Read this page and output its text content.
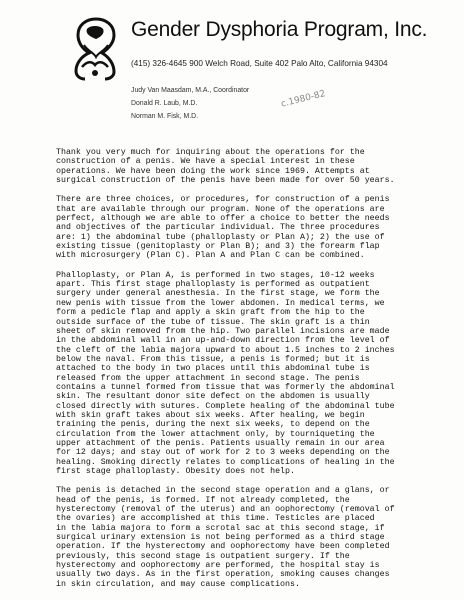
Gender Dysphoria Program, Inc.
(415) 326-4645 900 Welch Road, Suite 402 Palo Alto, California 94304
Judy Van Maasdam, M.A., Coordinator
Donald R. Laub, M.D.
Norman M. Fisk, M.D.
c.1980-82
Thank you very much for inquiring about the operations for the
construction of a penis. We have a special interest in these
operations. We have been doing the work since 1969. Attempts at
surgical construction of the penis have been made for over 50 years.
There are three choices, or procedures, for construction of a penis
that are available through our program. None of the operations are
perfect, although we are able to offer a choice to better the needs
and objectives of the particular individual. The three procedures
are: 1) the abdominal tube (phalloplasty or Plan A); 2) the use of
existing tissue (genitoplasty or Plan B); and 3) the forearm flap
with microsurgery (Plan C). Plan A and Plan C can be combined.
Phalloplasty, or Plan A, is performed in two stages, 10-12 weeks
apart. This first stage phalloplasty is performed as outpatient
surgery under general anesthesia. In the first stage, we form the
new penis with tissue from the lower abdomen. In medical terms, we
form a pedicle flap and apply a skin graft from the hip to the
outside surface of the tube of tissue. The skin graft is a thin
sheet of skin removed from the hip. Two parallel incisions are made
in the abdominal wall in an up-and-down direction from the level of
the cleft of the labia majora upward to about 1.5 inches to 2 inches
below the naval. From this tissue, a penis is formed; but it is
attached to the body in two places until this abdominal tube is
released from the upper attachment in second stage. The penis
contains a tunnel formed from tissue that was formerly the abdominal
skin. The resultant donor site defect on the abdomen is usually
closed directly with sutures. Complete healing of the abdominal tube
with skin graft takes about six weeks. After healing, we begin
training the penis, during the next six weeks, to depend on the
circulation from the lower attachment only, by tourniqueting the
upper attachment of the penis. Patients usually remain in our area
for 12 days; and stay out of work for 2 to 3 weeks depending on the
healing. Smoking directly relates to complications of healing in the
first stage phalloplasty. Obesity does not help.
The penis is detached in the second stage operation and a glans, or
head of the penis, is formed. If not already completed, the
hysterectomy (removal of the uterus) and an oophorectomy (removal of
the ovaries) are accomplished at this time. Testicles are placed
in the labia majora to form a scrotal sac at this second stage, if
surgical urinary extension is not being performed as a third stage
operation. If the hysterectomy and oophorectomy have been completed
previously, this second stage is outpatient surgery. If the
hysterectomy and oophorectomy are performed, the hospital stay is
usually two days. As in the first operation, smoking causes changes
in skin circulation, and may cause complications.
